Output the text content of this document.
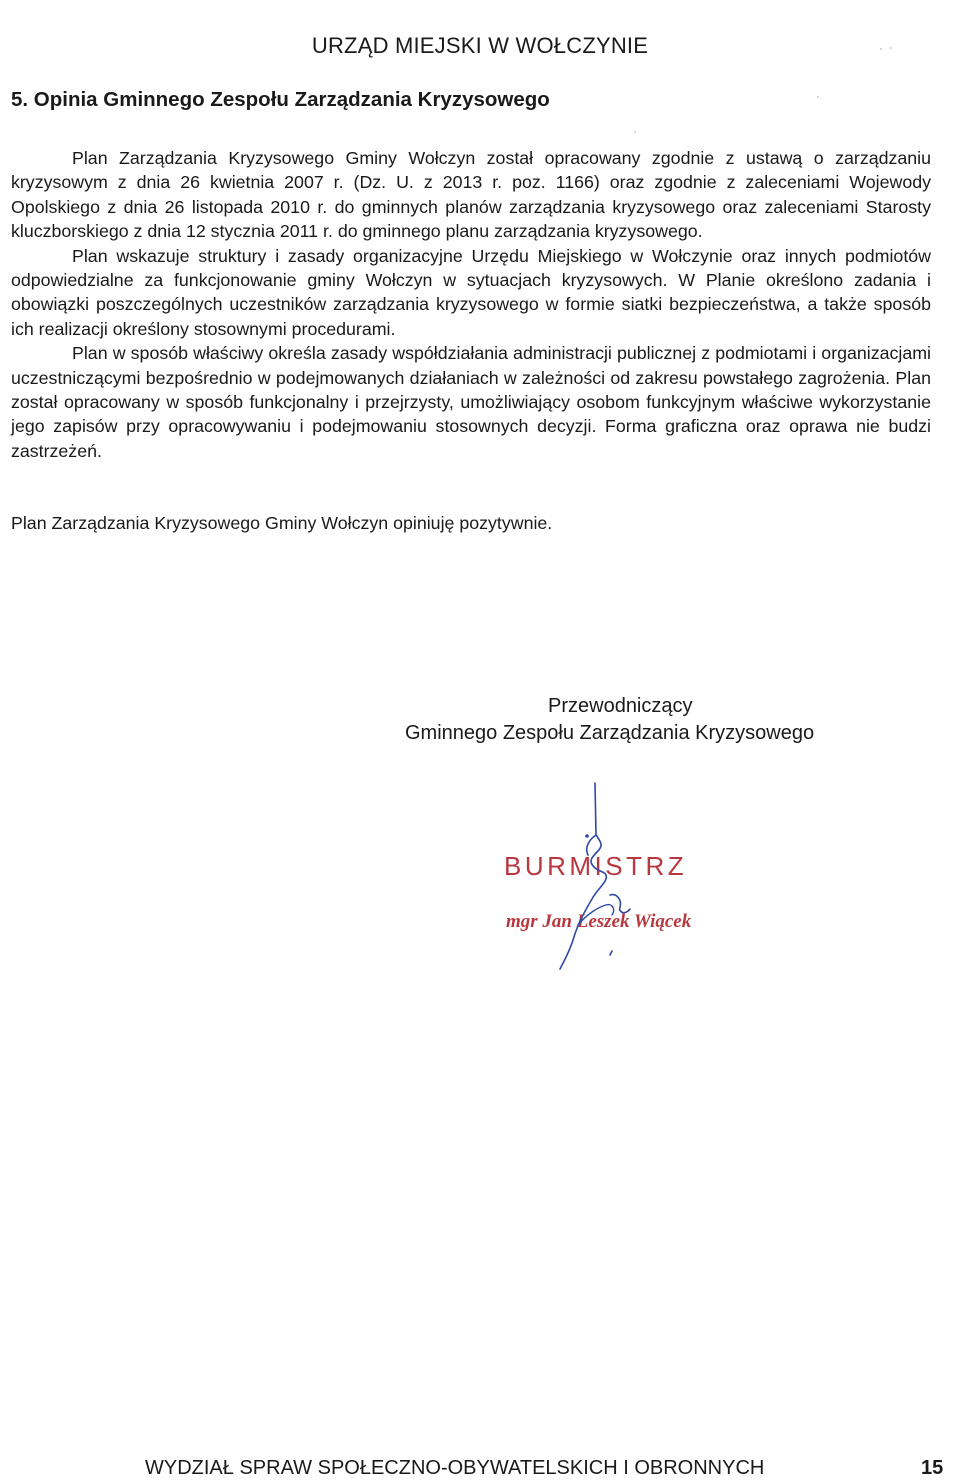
URZĄD MIEJSKI W WOŁCZYNIE
5. Opinia Gminnego Zespołu Zarządzania Kryzysowego

Plan Zarządzania Kryzysowego Gminy Wołczyn został opracowany zgodnie z ustawą o zarządzaniu kryzysowym z dnia 26 kwietnia 2007 r. (Dz. U. z 2013 r. poz. 1166) oraz zgodnie z zaleceniami Wojewody Opolskiego z dnia 26 listopada 2010 r. do gminnych planów zarządzania kryzysowego oraz zaleceniami Starosty kluczborskiego z dnia 12 stycznia 2011 r. do gminnego planu zarządzania kryzysowego.

Plan wskazuje struktury i zasady organizacyjne Urzędu Miejskiego w Wołczynie oraz innych podmiotów odpowiedzialne za funkcjonowanie gminy Wołczyn w sytuacjach kryzysowych. W Planie określono zadania i obowiązki poszczególnych uczestników zarządzania kryzysowego w formie siatki bezpieczeństwa, a także sposób ich realizacji określony stosownymi procedurami.

Plan w sposób właściwy określa zasady współdziałania administracji publicznej z podmiotami i organizacjami uczestniczącymi bezpośrednio w podejmowanych działaniach w zależności od zakresu powstałego zagrożenia. Plan został opracowany w sposób funkcjonalny i przejrzysty, umożliwiający osobom funkcyjnym właściwe wykorzystanie jego zapisów przy opracowywaniu i podejmowaniu stosownych decyzji. Forma graficzna oraz oprawa nie budzi zastrzeżeń.

Plan Zarządzania Kryzysowego Gminy Wołczyn opiniuję pozytywnie.
Przewodniczący
Gminnego Zespołu Zarządzania Kryzysowego
BURMISTRZ
mgr Jan Leszek Wiącek
WYDZIAŁ SPRAW SPOŁECZNO-OBYWATELSKICH I OBRONNYCH	15
